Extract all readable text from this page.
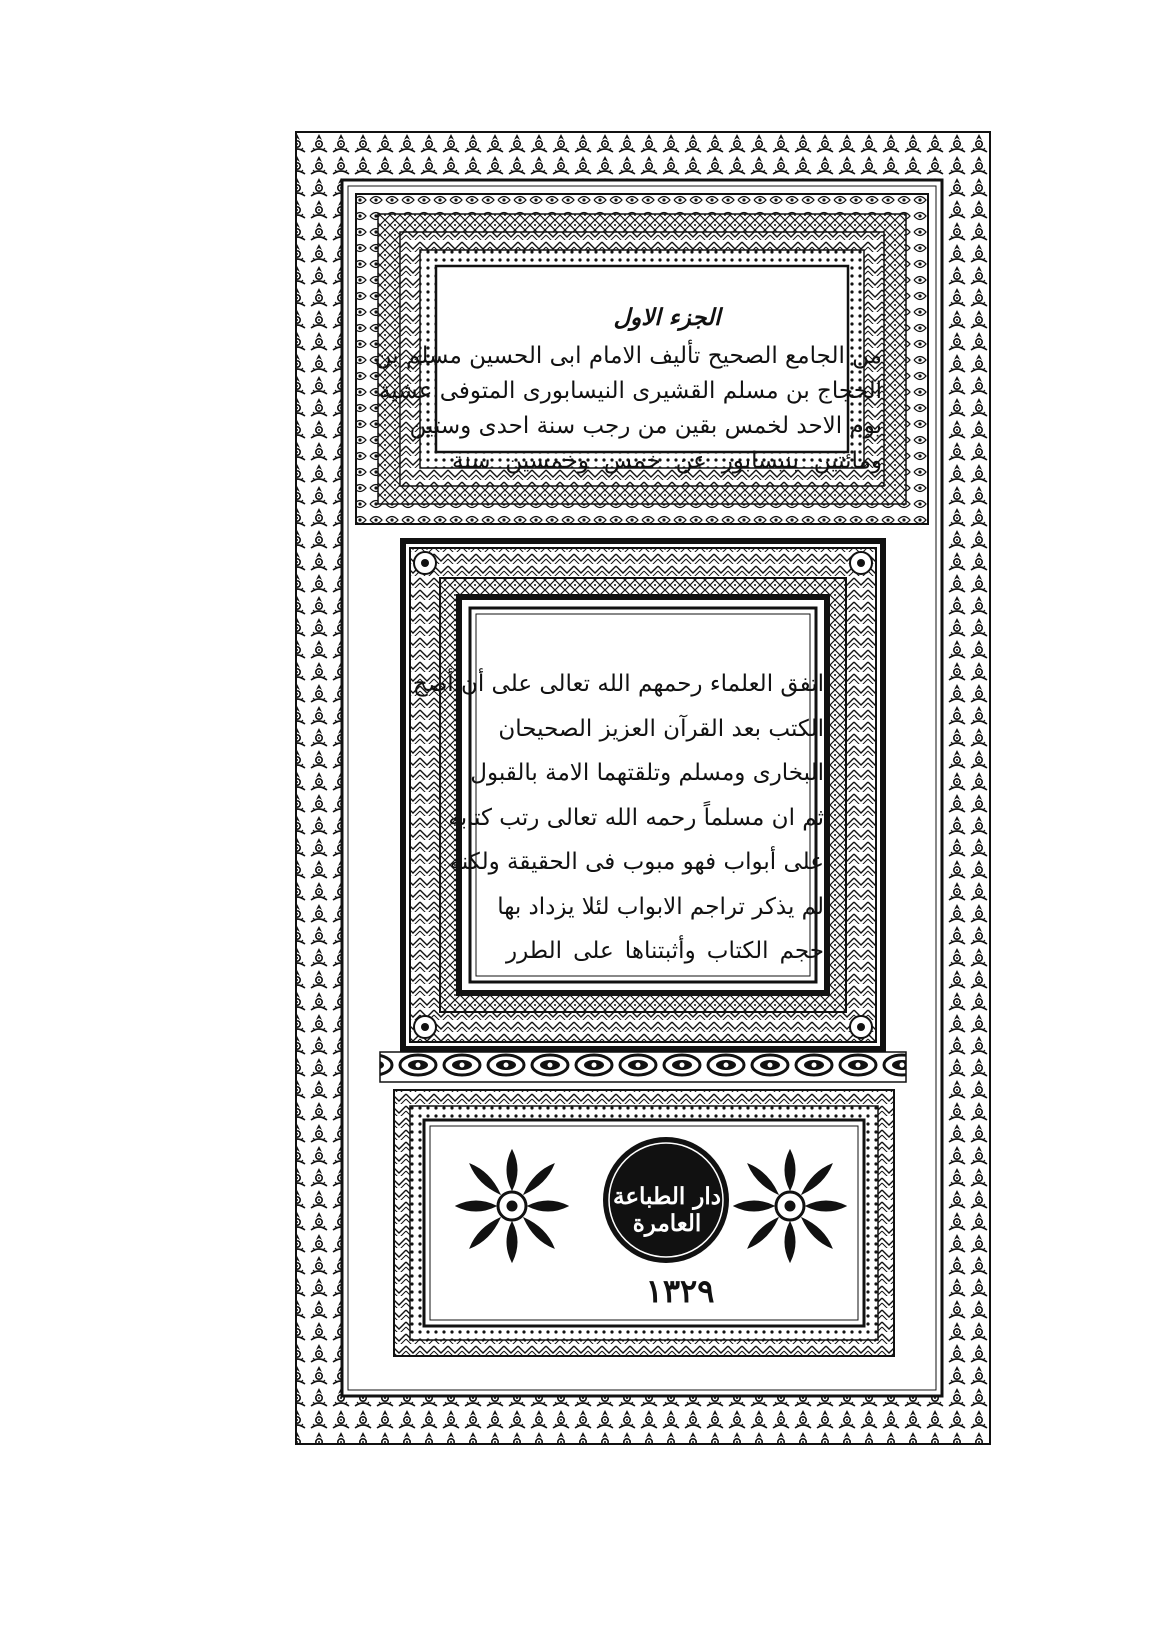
الجزء الاول
من الجامع الصحيح تأليف الامام ابى الحسين مسلم بن
الحجاج بن مسلم القشيرى النيسابورى المتوفى عشية
يوم الاحد لخمس بقين من رجب سنة احدى وستين
ومائتين بنيسابور عن خمس وخمسين سنة
اتفق العلماء رحمهم الله تعالى على أن أصح
الكتب بعد القرآن العزيز الصحيحان
البخارى ومسلم وتلقتهما الامة بالقبول
ثم ان مسلماً رحمه الله تعالى رتب كتابه
على أبواب فهو مبوب فى الحقيقة ولكنه
لم يذكر تراجم الابواب لئلا يزداد بها
حجم الكتاب وأثبتناها على الطرر
دار الطباعة
العامرة
١٣٢٩
